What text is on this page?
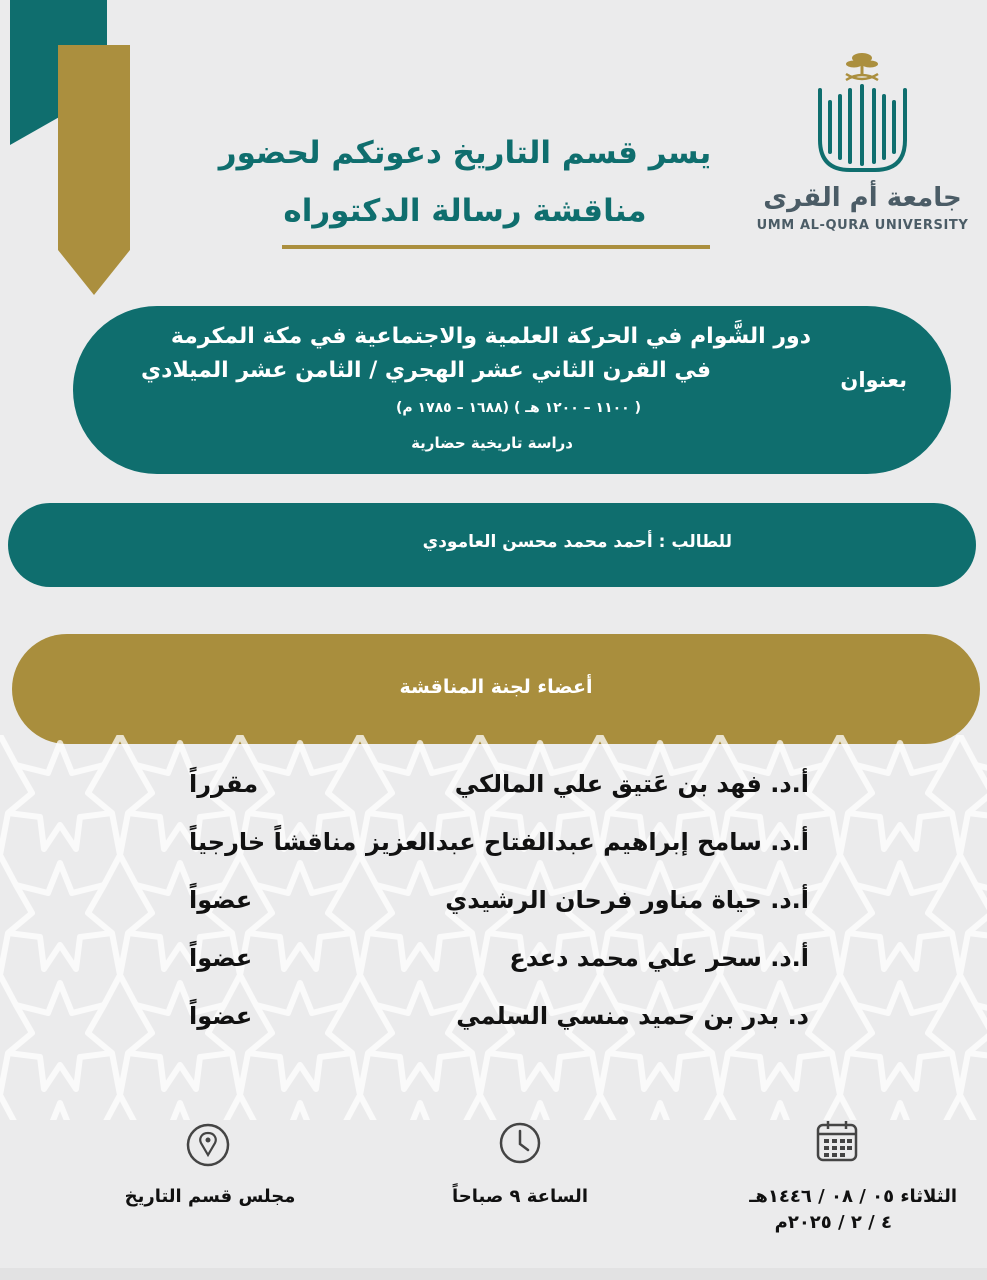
جامعة أم القرى
UMM AL-QURA UNIVERSITY
يسر قسم التاريخ دعوتكم لحضور
مناقشة رسالة الدكتوراه
بعنوان
دور الشَّوام في الحركة العلمية والاجتماعية في مكة المكرمة
في القرن الثاني عشر الهجري / الثامن عشر الميلادي
( ١١٠٠ – ١٢٠٠ هـ ) (١٦٨٨ – ١٧٨٥ م)
دراسة تاريخية حضارية
للطالب : أحمد محمد محسن العامودي
أعضاء لجنة المناقشة
أ.د. فهد بن عَتيق علي المالكي
مقرراً
أ.د. سامح إبراهيم عبدالفتاح عبدالعزيز
مناقشاً خارجياً
أ.د. حياة مناور فرحان الرشيدي
عضواً
أ.د. سحر علي محمد دعدع
عضواً
د. بدر بن حميد منسي السلمي
عضواً
الثلاثاء ٠٥ / ٠٨ / ١٤٤٦هـ
٤ / ٢ / ٢٠٢٥م
الساعة ٩ صباحاً
مجلس قسم التاريخ
